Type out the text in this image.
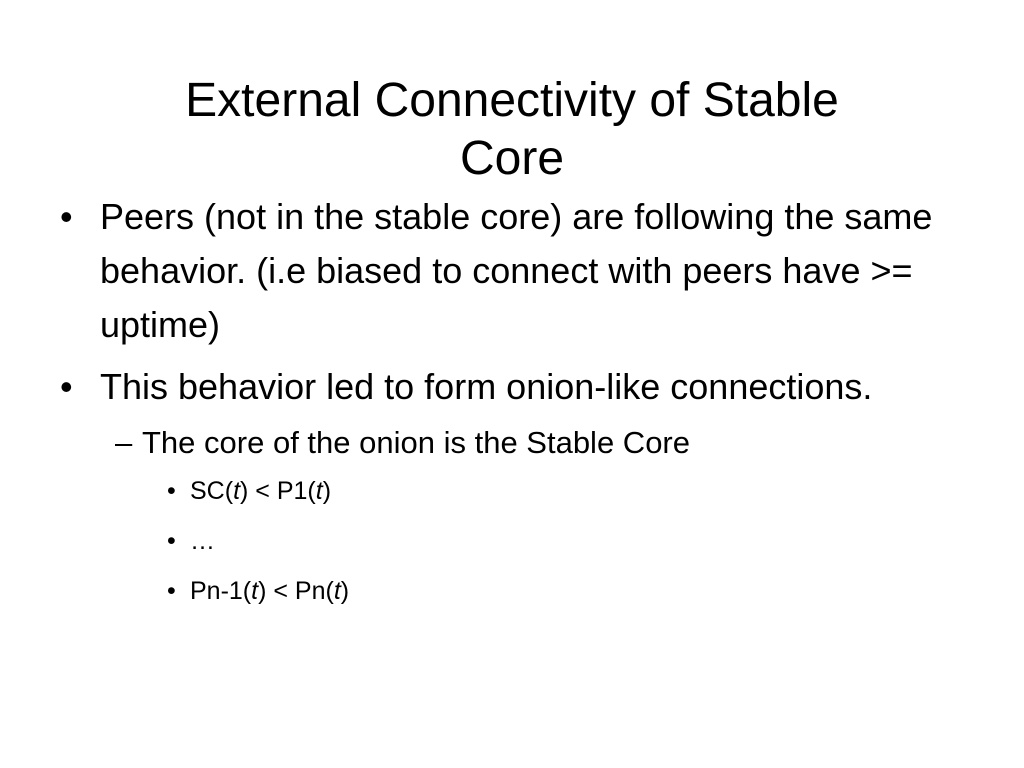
External Connectivity of Stable
Core
• Peers (not in the stable core) are following the same behavior. (i.e biased to connect with peers have >= uptime)
• This behavior led to form onion-like connections.
– The core of the onion is the Stable Core
• SC(t) < P1(t)
• …
• Pn-1(t) < Pn(t)
